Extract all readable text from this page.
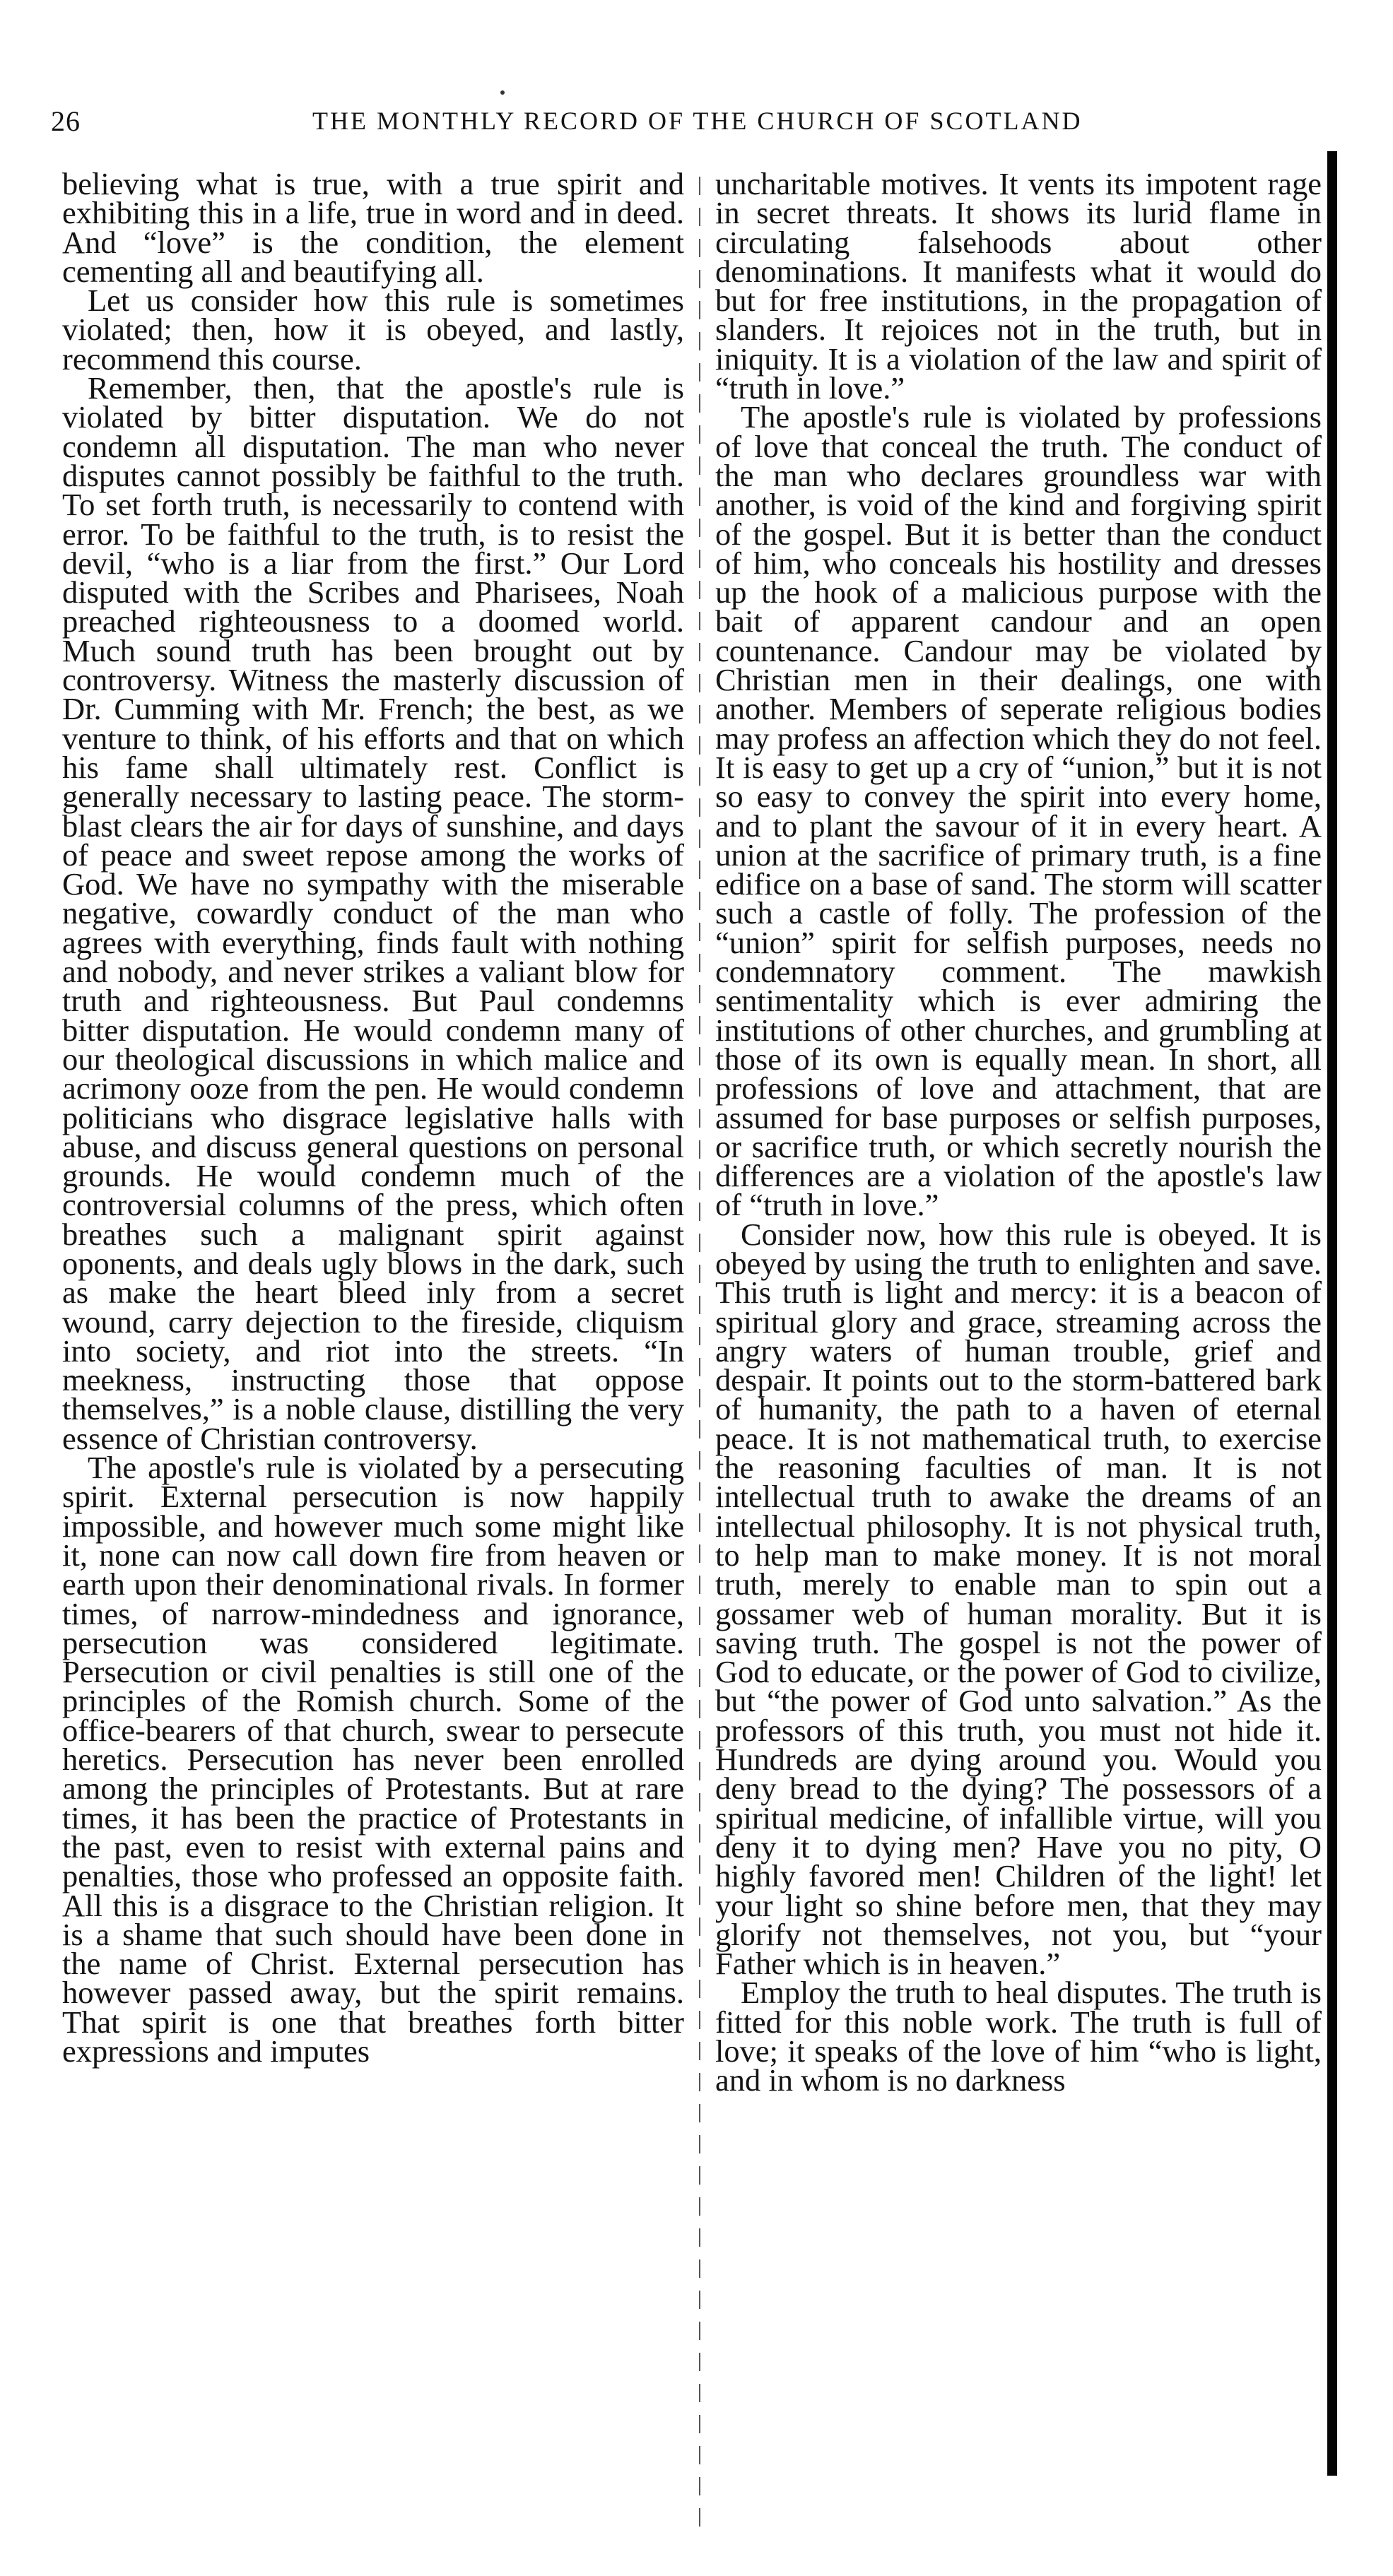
26	THE MONTHLY RECORD OF THE CHURCH OF SCOTLAND

believing what is true, with a true spirit and exhibiting this in a life, true in word and in deed. And “love” is the condition, the element cementing all and beautifying all.

Let us consider how this rule is sometimes violated; then, how it is obeyed, and lastly, recommend this course.

Remember, then, that the apostle's rule is violated by bitter disputation. We do not condemn all disputation. The man who never disputes cannot possibly be faithful to the truth. To set forth truth, is necessarily to contend with error. To be faithful to the truth, is to resist the devil, “who is a liar from the first.” Our Lord disputed with the Scribes and Pharisees, Noah preached righteousness to a doomed world. Much sound truth has been brought out by controversy. Witness the masterly discussion of Dr. Cumming with Mr. French; the best, as we venture to think, of his efforts and that on which his fame shall ultimately rest. Conflict is generally necessary to lasting peace. The storm-blast clears the air for days of sunshine, and days of peace and sweet repose among the works of God. We have no sympathy with the miserable negative, cowardly conduct of the man who agrees with everything, finds fault with nothing and nobody, and never strikes a valiant blow for truth and righteousness. But Paul condemns bitter disputation. He would condemn many of our theological discussions in which malice and acrimony ooze from the pen. He would condemn politicians who disgrace legislative halls with abuse, and discuss general questions on personal grounds. He would condemn much of the controversial columns of the press, which often breathes such a malignant spirit against oponents, and deals ugly blows in the dark, such as make the heart bleed inly from a secret wound, carry dejection to the fireside, cliquism into society, and riot into the streets. “In meekness, instructing those that oppose themselves,” is a noble clause, distilling the very essence of Christian controversy.

The apostle's rule is violated by a persecuting spirit. External persecution is now happily impossible, and however much some might like it, none can now call down fire from heaven or earth upon their denominational rivals. In former times, of narrow-mindedness and ignorance, persecution was considered legitimate. Persecution or civil penalties is still one of the principles of the Romish church. Some of the office-bearers of that church, swear to persecute heretics. Persecution has never been enrolled among the principles of Protestants. But at rare times, it has been the practice of Protestants in the past, even to resist with external pains and penalties, those who professed an opposite faith. All this is a disgrace to the Christian religion. It is a shame that such should have been done in the name of Christ. External persecution has however passed away, but the spirit remains. That spirit is one that breathes forth bitter expressions and imputes

uncharitable motives. It vents its impotent rage in secret threats. It shows its lurid flame in circulating falsehoods about other denominations. It manifests what it would do but for free institutions, in the propagation of slanders. It rejoices not in the truth, but in iniquity. It is a violation of the law and spirit of “truth in love.”

The apostle's rule is violated by professions of love that conceal the truth. The conduct of the man who declares groundless war with another, is void of the kind and forgiving spirit of the gospel. But it is better than the conduct of him, who conceals his hostility and dresses up the hook of a malicious purpose with the bait of apparent candour and an open countenance. Candour may be violated by Christian men in their dealings, one with another. Members of seperate religious bodies may profess an affection which they do not feel. It is easy to get up a cry of “union,” but it is not so easy to convey the spirit into every home, and to plant the savour of it in every heart. A union at the sacrifice of primary truth, is a fine edifice on a base of sand. The storm will scatter such a castle of folly. The profession of the “union” spirit for selfish purposes, needs no condemnatory comment. The mawkish sentimentality which is ever admiring the institutions of other churches, and grumbling at those of its own is equally mean. In short, all professions of love and attachment, that are assumed for base purposes or selfish purposes, or sacrifice truth, or which secretly nourish the differences are a violation of the apostle's law of “truth in love.”

Consider now, how this rule is obeyed. It is obeyed by using the truth to enlighten and save. This truth is light and mercy: it is a beacon of spiritual glory and grace, streaming across the angry waters of human trouble, grief and despair. It points out to the storm-battered bark of humanity, the path to a haven of eternal peace. It is not mathematical truth, to exercise the reasoning faculties of man. It is not intellectual truth to awake the dreams of an intellectual philosophy. It is not physical truth, to help man to make money. It is not moral truth, merely to enable man to spin out a gossamer web of human morality. But it is saving truth. The gospel is not the power of God to educate, or the power of God to civilize, but “the power of God unto salvation.” As the professors of this truth, you must not hide it. Hundreds are dying around you. Would you deny bread to the dying? The possessors of a spiritual medicine, of infallible virtue, will you deny it to dying men? Have you no pity, O highly favored men! Children of the light! let your light so shine before men, that they may glorify not themselves, not you, but “your Father which is in heaven.”

Employ the truth to heal disputes. The truth is fitted for this noble work. The truth is full of love; it speaks of the love of him “who is light, and in whom is no darkness
